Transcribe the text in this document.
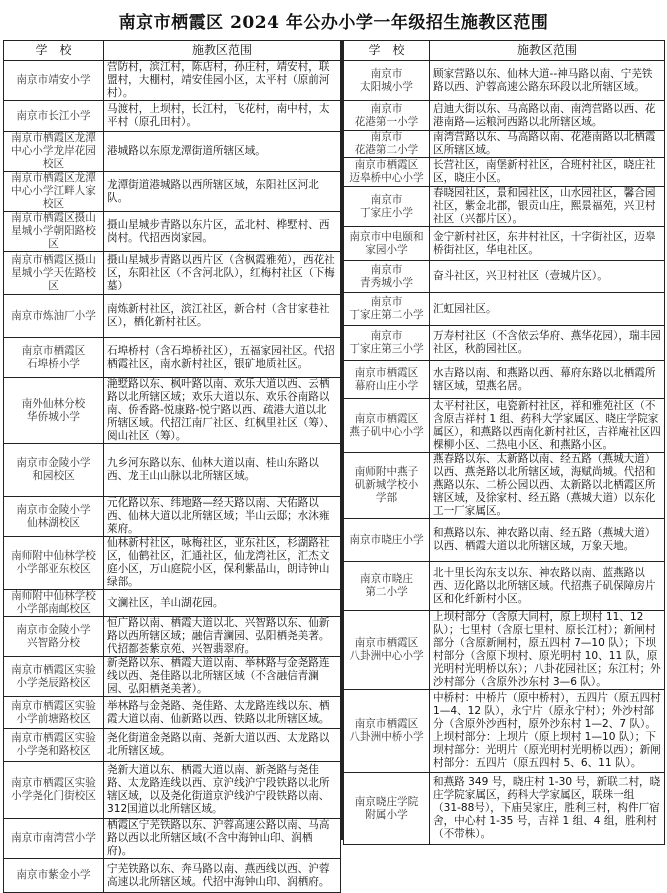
南京市栖霞区 2024 年公办小学一年级招生施教区范围
学　校	施教区范围
南京市靖安小学	营防村，滨江村，陈店村，孙庄村，靖安村，联盟村，大棚村，靖安佳园小区，太平村（原前河村）。
南京市长江小学	马渡村，上坝村，长江村，飞花村，南中村，太平村（原孔田村）。
南京市栖霞区龙潭中心小学龙岸花园校区	港城路以东原龙潭街道所辖区域。
南京市栖霞区龙潭中心小学江畔人家校区	龙潭街道港城路以西所辖区域，东阳社区河北队。
南京市栖霞区摄山星城小学朝阳路校区	摄山星城步青路以东片区，孟北村、桦墅村、西岗村。代招西岗家园。
南京市栖霞区摄山星城小学天佐路校区	摄山星城步青路以西片区（含枫霞雅苑），西花社区，东阳社区（不含河北队），红梅村社区（下梅墓）
南京市炼油厂小学	南炼新村社区，滨江社区，新合村（含甘家巷社区），栖化新村社区。
南京市栖霞区
石埠桥小学	石埠桥村（含石埠桥社区），五福家园社区。代招栖霞社区，南水新村社区，银矿地质社区。
南外仙林分校
华侨城小学	滟墅路以东、枫叶路以南、欢乐大道以西、云栖路以北所辖区域；欢乐大道以东、欢乐谷南路以南、侨香路-悦康路-悦宁路以西、疏港大道以北所辖区域。代招江南厂社区、红枫里社区（筹）、阅山社区（筹）。
南京市金陵小学
和园校区	九乡河东路以东、仙林大道以南、桂山东路以西、龙王山山脉以北所辖区域。
南京市金陵小学
仙林湖校区	元化路以东、纬地路—经天路以南、天佑路以西、仙林大道以北所辖区域；半山云邸；水沐雍萊府。
南师附中仙林学校
小学部亚东校区	仙林新村社区，咏梅社区，亚东社区，杉湖路社区，仙鹤社区，汇通社区，仙龙湾社区，汇杰文庭小区，万山庭院小区，保利紫晶山，朗诗钟山绿部。
南师附中仙林学校
小学部南邮校区	文澜社区，羊山湖花园。
南京市金陵小学
兴智路分校	恒广路以南、栖霞大道以北、兴智路以东、仙新路以西所辖区域；融信青澜园、弘阳栖尧美著。代招都荟紫京苑、兴智翡翠府。
南京市栖霞区实验
小学尧辰路校区	新尧路以东、栖霞大道以南、举林路与金尧路连线以西、尧佳路以北所辖区域（不含融信青澜园、弘阳栖尧美著）。
南京市栖霞区实验
小学前塘路校区	举林路与金尧路、尧佳路、太龙路连线以东、栖霞大道以南、仙新路以西、铁路以北所辖区域。
南京市栖霞区实验
小学尧和路校区	尧化街道金尧路以南、尧新大道以西、太龙路以北所辖区域。
南京市栖霞区实验
小学尧化门街校区	尧新大道以东、栖霞大道以南、新尧路与尧佳路、太龙路连线以西、京沪线沪宁段铁路以北所辖区域，以及尧化街道京沪线沪宁段铁路以南、312国道以北所辖区域。
南京市南湾营小学	栖霞区宁芜铁路以东、沪蓉高速公路以南、马高路以西以北所辖区域(不含中海钟山印、润栖府)。
南京市紫金小学	宁芜铁路以东、奔马路以南、燕西线以西、沪蓉高速以北所辖区域。代招中海钟山印、润栖府。
学　校	施教区范围
南京市
太阳城小学	顾家营路以东、仙林大道--神马路以南、宁芜铁路以西、沪蓉高速公路东环段以北所辖区域。
南京市
花港第一小学	启迪大街以东、马高路以南、南湾营路以西、花港南路—运粮河西路以北所辖区域。
南京市
花港第二小学	南湾营路以东、马高路以南、花港南路以北栖霞区所辖区域。
南京市栖霞区
迈皋桥中心小学	长营社区，南堡新村社区，合班村社区，晓庄社区，晓庄小区。
南京市
丁家庄小学	春晓园社区，景和园社区，山水园社区，馨合园社区，紫金北郡，银贡山庄，熙景福苑，兴卫村社区（兴都片区）。
南京市中电颐和
家园小学	金宁新村社区，东井村社区，十字街社区，迈皋桥街社区，华电社区。
南京市
青秀城小学	奋斗社区，兴卫村社区（壹城片区）。
南京市
丁家庄第二小学	汇虹园社区。
南京市
丁家庄第三小学	万寿村社区（不含依云华府、燕华花园），瑞丰园社区，秋韵园社区。
南京市栖霞区
幕府山庄小学	水吉路以南、和燕路以西、幕府东路以北栖霞所辖区域，望燕名居。
南京市栖霞区
燕子矶中心小学	太平村社区，电瓷新村社区，祥和雅苑社区（不含原吉祥村 1 组、药科大学家属区、晓庄学院家属区），和燕路以西南化新村社区，吉祥庵社区四棵柳小区、二热电小区、和燕路小区。
南师附中燕子
矶新城学校小
学部	燕春路以东、太新路以南、经五路（燕城大道）以西、燕尧路以北所辖区域，海赋尚城。代招和燕路以东、二桥公园以西、太新路以北栖霞区所辖区域，及徐家村、经五路（燕城大道）以东化工一厂家属区。
南京市晓庄小学	和燕路以东、神农路以南、经五路（燕城大道）以西、栖霞大道以北所辖区域，万象天地。
南京市晓庄
第二小学	北十里长沟东支以东、神农路以南、蓝燕路以西、迈化路以北所辖区域。代招燕子矶保障房片区和化纤新村小区。
南京市栖霞区
八卦洲中心小学	上坝村部分（含原大同村，原上坝村 11、12 队）；七里村（含原七里村、原长江村）；新闸村部分（含原新闸村，原五四村 7—10 队）；下坝村部分（含原下坝村、原光明村 10、11 队，原光明村光明桥以东）；八卦花园社区；东江村；外沙村部分（含原外沙东村 3—6 队）。
南京市栖霞区
八卦洲中桥小学	中桥村：中桥片（原中桥村），五四片（原五四村 1—4、12 队），永宁片（原永宁村）；外沙村部分（含原外沙西村，原外沙东村 1—2、7 队）。上坝村部分：上坝片（原上坝村 1—10 队）；下坝村部分：光明片（原光明村光明桥以西）；新闸村部分：五四片（原五四村 5、6、11 队）。
南京晓庄学院
附属小学	和燕路 349 号，晓庄村 1-30 号，新联二村，晓庄学院家属区，药科大学家属区，联珠一组（31-88号），下庙吴家庄，胜利三村，构件厂宿舍，中心村 1-35 号，吉祥 1 组、4 组，胜利村（不带株）。
